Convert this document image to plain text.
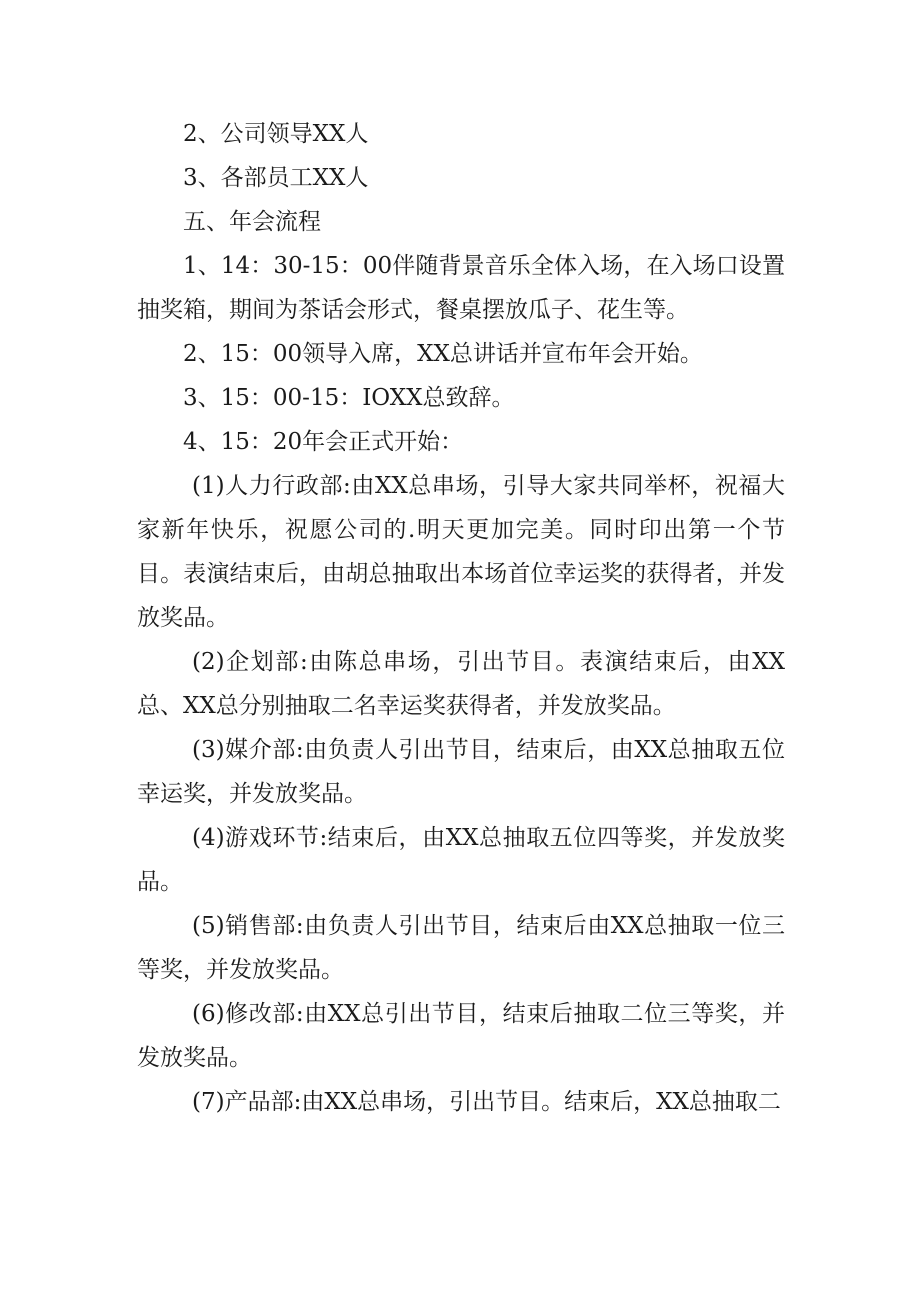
2、公司领导XX人

3、各部员工XX人

五、年会流程

1、14：30-15：00伴随背景音乐全体入场，在入场口设置抽奖箱，期间为茶话会形式，餐桌摆放瓜子、花生等。

2、15：00领导入席，XX总讲话并宣布年会开始。

3、15：00-15：IOXX总致辞。

4、15：20年会正式开始：

(1)人力行政部:由XX总串场，引导大家共同举杯，祝福大家新年快乐，祝愿公司的.明天更加完美。同时印出第一个节目。表演结束后，由胡总抽取出本场首位幸运奖的获得者，并发放奖品。

(2)企划部:由陈总串场，引出节目。表演结束后，由XX总、XX总分别抽取二名幸运奖获得者，并发放奖品。

(3)媒介部:由负责人引出节目，结束后，由XX总抽取五位幸运奖，并发放奖品。

(4)游戏环节:结束后，由XX总抽取五位四等奖，并发放奖品。

(5)销售部:由负责人引出节目，结束后由XX总抽取一位三等奖，并发放奖品。

(6)修改部:由XX总引出节目，结束后抽取二位三等奖，并发放奖品。

(7)产品部:由XX总串场，引出节目。结束后，XX总抽取二
